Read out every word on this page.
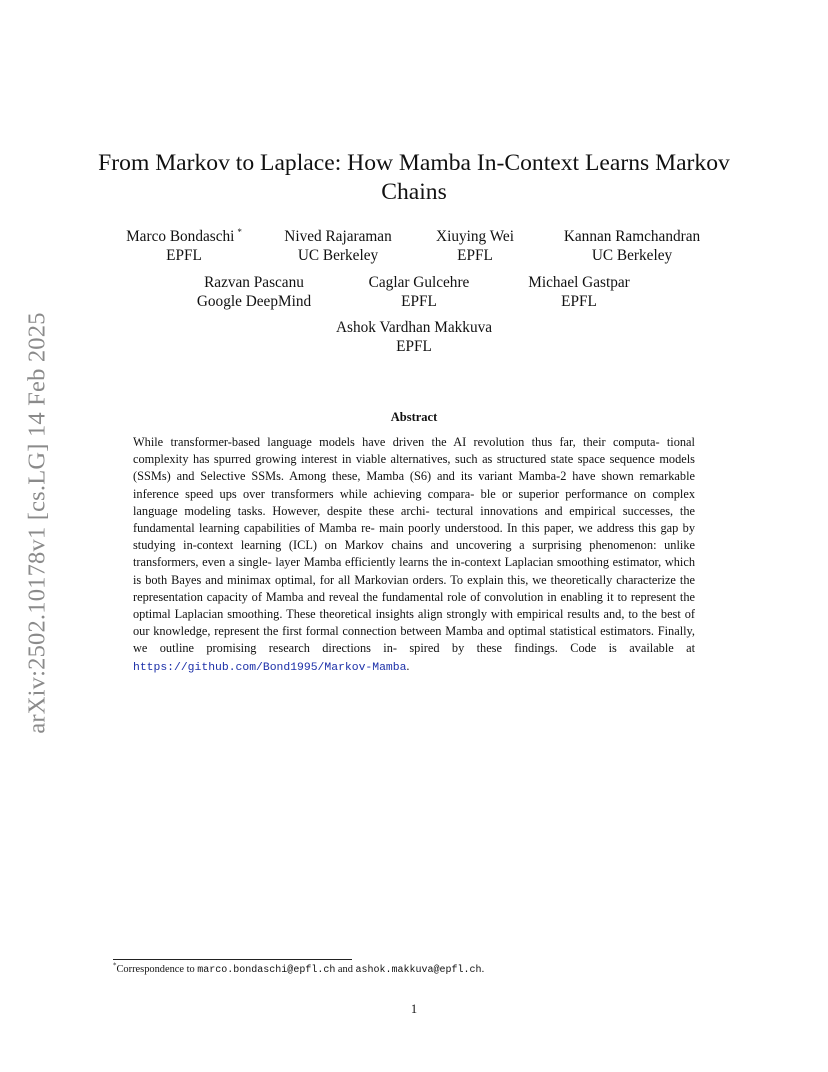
arXiv:2502.10178v1 [cs.LG] 14 Feb 2025
From Markov to Laplace: How Mamba In-Context Learns Markov Chains
Marco Bondaschi *
EPFL
Nived Rajaraman
UC Berkeley
Xiuying Wei
EPFL
Kannan Ramchandran
UC Berkeley
Razvan Pascanu
Google DeepMind
Caglar Gulcehre
EPFL
Michael Gastpar
EPFL
Ashok Vardhan Makkuva
EPFL
Abstract

While transformer-based language models have driven the AI revolution thus far, their computa- tional complexity has spurred growing interest in viable alternatives, such as structured state space sequence models (SSMs) and Selective SSMs. Among these, Mamba (S6) and its variant Mamba-2 have shown remarkable inference speed ups over transformers while achieving compara- ble or superior performance on complex language modeling tasks. However, despite these archi- tectural innovations and empirical successes, the fundamental learning capabilities of Mamba re- main poorly understood. In this paper, we address this gap by studying in-context learning (ICL) on Markov chains and uncovering a surprising phenomenon: unlike transformers, even a single- layer Mamba efficiently learns the in-context Laplacian smoothing estimator, which is both Bayes and minimax optimal, for all Markovian orders. To explain this, we theoretically characterize the representation capacity of Mamba and reveal the fundamental role of convolution in enabling it to represent the optimal Laplacian smoothing. These theoretical insights align strongly with empirical results and, to the best of our knowledge, represent the first formal connection between Mamba and optimal statistical estimators. Finally, we outline promising research directions in- spired by these findings. Code is available at https://github.com/Bond1995/Markov-Mamba.

*Correspondence to marco.bondaschi@epfl.ch and ashok.makkuva@epfl.ch.
1
